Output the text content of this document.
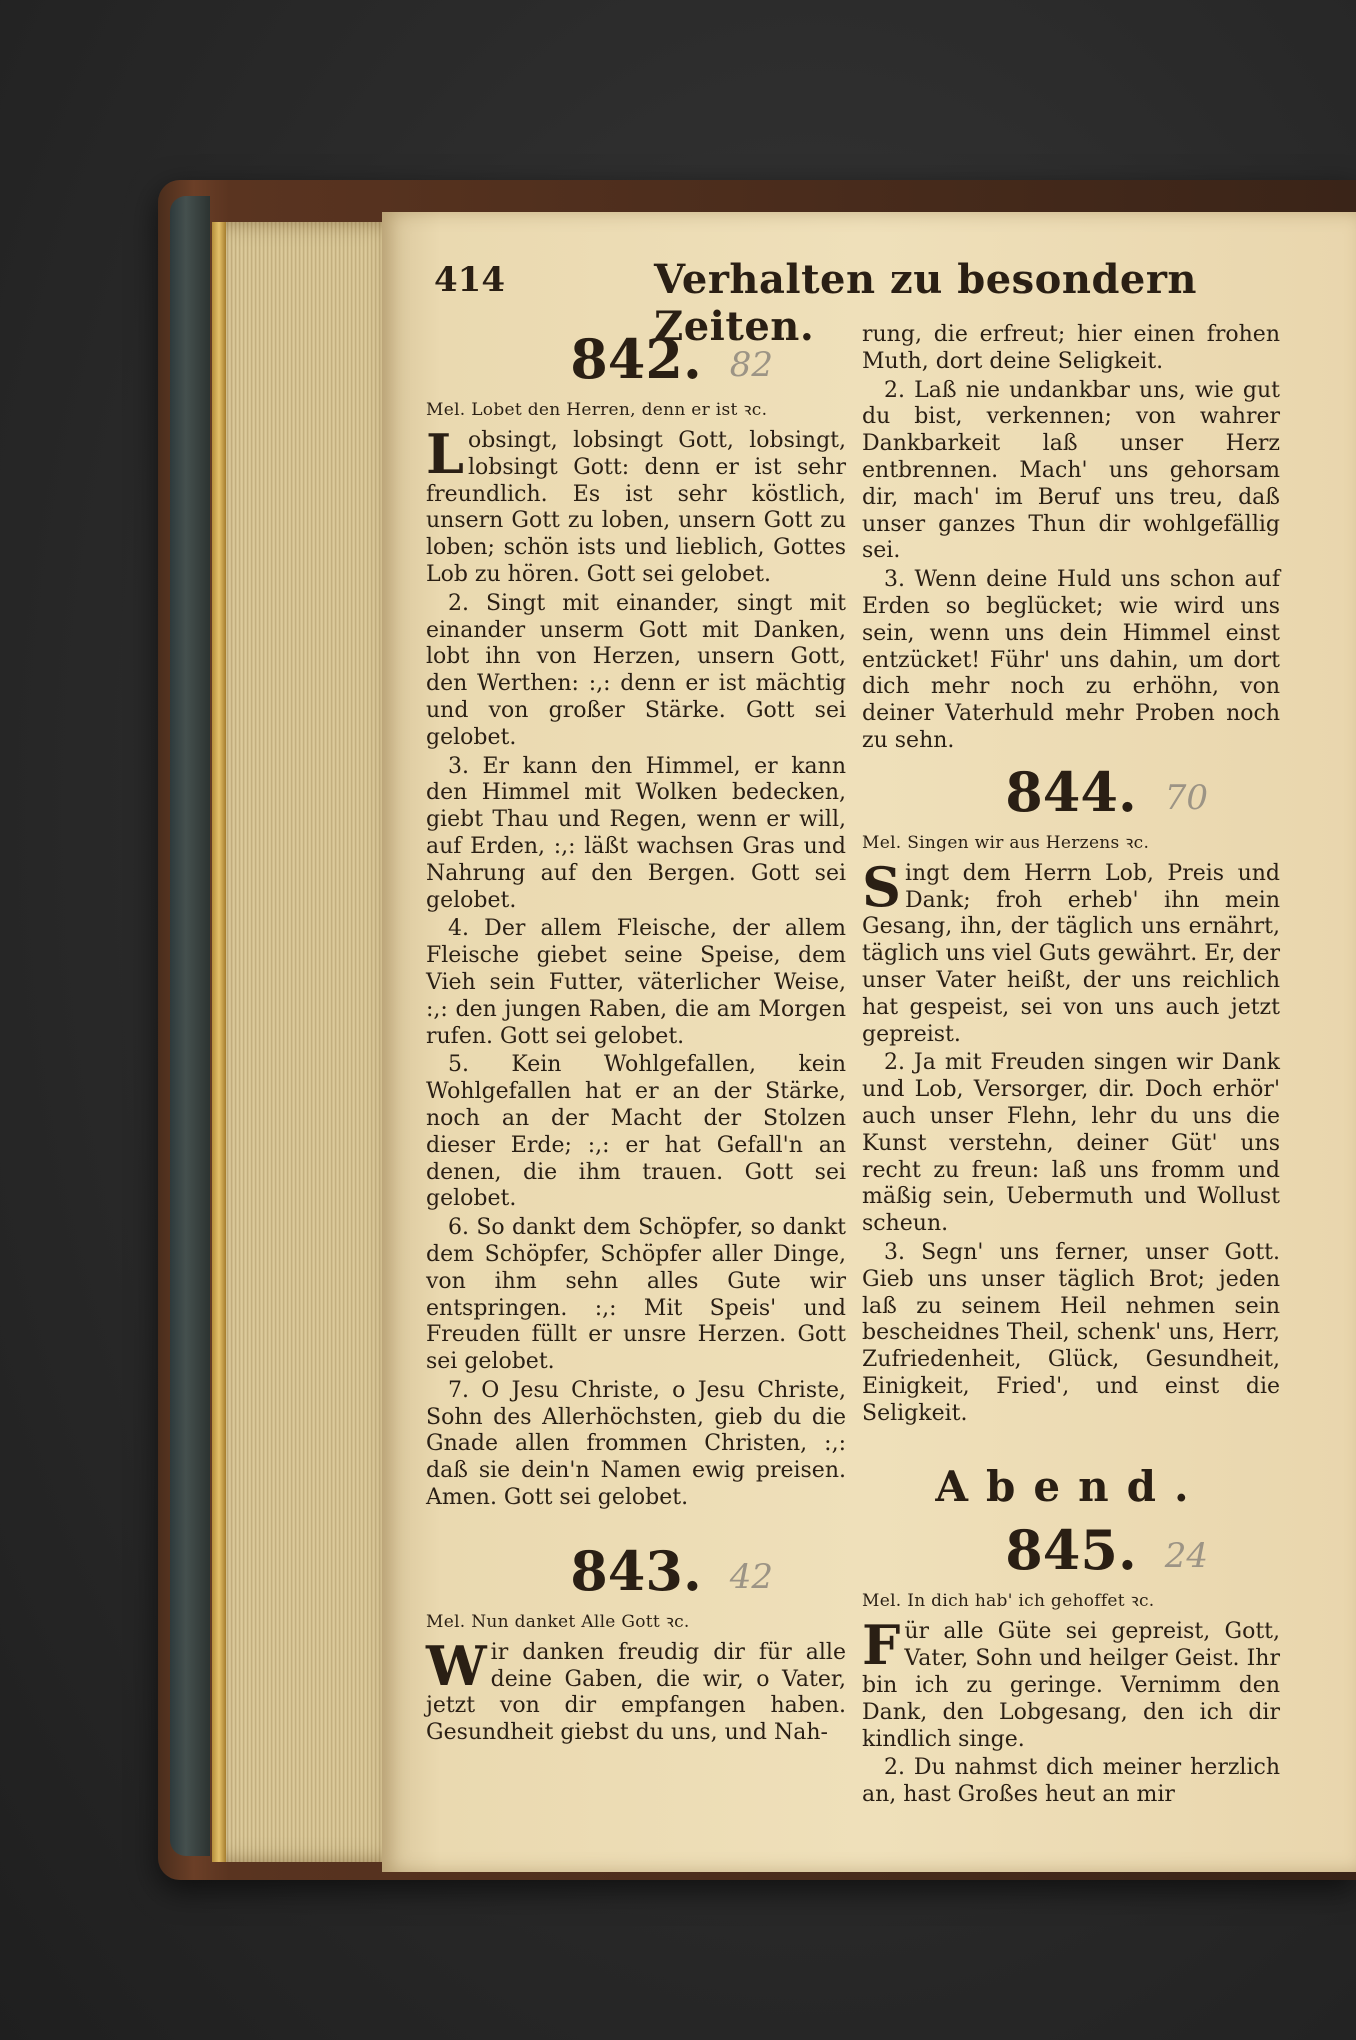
414	Verhalten zu besondern Zeiten.
842. 82
Mel. Lobet den Herren, denn er ist ꝛc.

Lobsingt, lobsingt Gott, lobsingt, lobsingt Gott: denn er ist sehr freundlich. Es ist sehr köstlich, unsern Gott zu loben, unsern Gott zu loben; schön ists und lieblich, Gottes Lob zu hören. Gott sei gelobet.

2. Singt mit einander, singt mit einander unserm Gott mit Danken, lobt ihn von Herzen, unsern Gott, den Werthen: :,: denn er ist mächtig und von großer Stärke. Gott sei gelobet.

3. Er kann den Himmel, er kann den Himmel mit Wolken bedecken, giebt Thau und Regen, wenn er will, auf Erden, :,: läßt wachsen Gras und Nahrung auf den Bergen. Gott sei gelobet.

4. Der allem Fleische, der allem Fleische giebet seine Speise, dem Vieh sein Futter, väterlicher Weise, :,: den jungen Raben, die am Morgen rufen. Gott sei gelobet.

5. Kein Wohlgefallen, kein Wohlgefallen hat er an der Stärke, noch an der Macht der Stolzen dieser Erde; :,: er hat Gefall'n an denen, die ihm trauen. Gott sei gelobet.

6. So dankt dem Schöpfer, so dankt dem Schöpfer, Schöpfer aller Dinge, von ihm sehn alles Gute wir entspringen. :,: Mit Speis' und Freuden füllt er unsre Herzen. Gott sei gelobet.

7. O Jesu Christe, o Jesu Christe, Sohn des Allerhöchsten, gieb du die Gnade allen frommen Christen, :,: daß sie dein'n Namen ewig preisen. Amen. Gott sei gelobet.

843. 42
Mel. Nun danket Alle Gott ꝛc.

Wir danken freudig dir für alle deine Gaben, die wir, o Vater, jetzt von dir empfangen haben. Gesundheit giebst du uns, und Nah-

rung, die erfreut; hier einen frohen Muth, dort deine Seligkeit.

2. Laß nie undankbar uns, wie gut du bist, verkennen; von wahrer Dankbarkeit laß unser Herz entbrennen. Mach' uns gehorsam dir, mach' im Beruf uns treu, daß unser ganzes Thun dir wohlgefällig sei.

3. Wenn deine Huld uns schon auf Erden so beglücket; wie wird uns sein, wenn uns dein Himmel einst entzücket! Führ' uns dahin, um dort dich mehr noch zu erhöhn, von deiner Vaterhuld mehr Proben noch zu sehn.

844. 70
Mel. Singen wir aus Herzens ꝛc.

Singt dem Herrn Lob, Preis und Dank; froh erheb' ihn mein Gesang, ihn, der täglich uns ernährt, täglich uns viel Guts gewährt. Er, der unser Vater heißt, der uns reichlich hat gespeist, sei von uns auch jetzt gepreist.

2. Ja mit Freuden singen wir Dank und Lob, Versorger, dir. Doch erhör' auch unser Flehn, lehr du uns die Kunst verstehn, deiner Güt' uns recht zu freun: laß uns fromm und mäßig sein, Uebermuth und Wollust scheun.

3. Segn' uns ferner, unser Gott. Gieb uns unser täglich Brot; jeden laß zu seinem Heil nehmen sein bescheidnes Theil, schenk' uns, Herr, Zufriedenheit, Glück, Gesundheit, Einigkeit, Fried', und einst die Seligkeit.

Abend.
845. 24
Mel. In dich hab' ich gehoffet ꝛc.

Für alle Güte sei gepreist, Gott, Vater, Sohn und heilger Geist. Ihr bin ich zu geringe. Vernimm den Dank, den Lobgesang, den ich dir kindlich singe.

2. Du nahmst dich meiner herzlich an, hast Großes heut an mir
